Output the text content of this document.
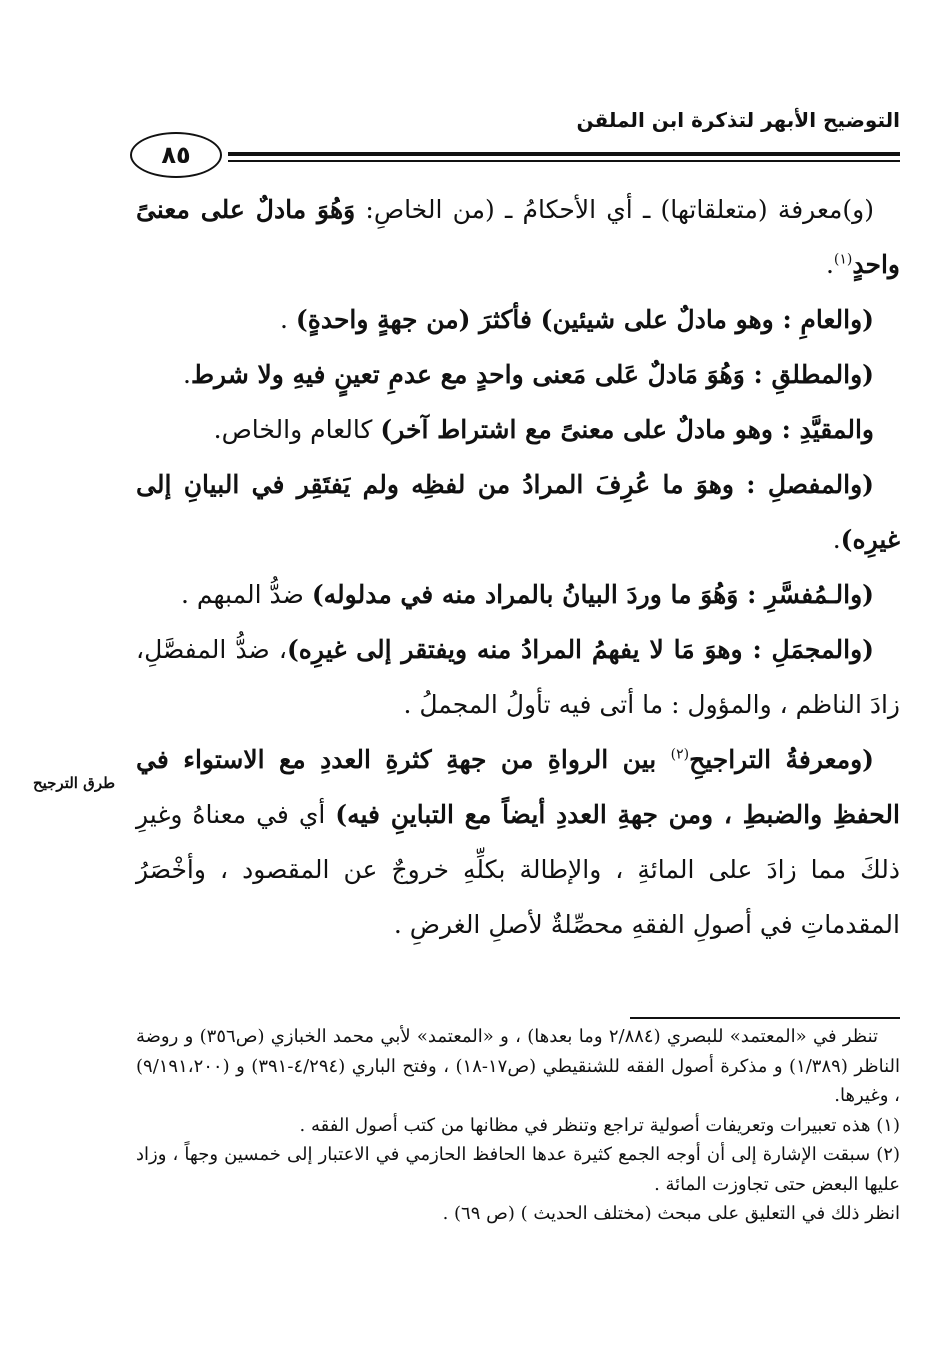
التوضيح الأبهر لتذكرة ابن الملقن
٨٥
طرق الترجيح

(و)معرفة (متعلقاتها) ـ أي الأحكامُ ـ (من الخاصِ: وَهُوَ مادلٌ على معنىً واحدٍ$^{(١)}$.

(والعامِ : وهو مادلٌ على شيئين) فأكثرَ (من جهةٍ واحدةٍ) .

(والمطلقِ : وَهُوَ مَادلٌ عَلى مَعنى واحدٍ مع عدمِ تعينٍ فيهِ ولا شرط.

والمقيَّدِ : وهو مادلٌ على معنىً مع اشتراط آخر) كالعام والخاص.

(والمفصلِ : وهوَ ما عُرِفَ المرادُ من لفظِه ولم يَفتَقِر في البيانِ إلى غيرِه).

(والـمُفسَّرِ : وَهُوَ ما وردَ البيانُ بالمراد منه في مدلوله) ضدُّ المبهم .

(والمجمَلِ : وهوَ مَا لا يفهمُ المرادُ منه ويفتقر إلى غيرِه)، ضدُّ المفصَّلِ، زادَ الناظم ، والمؤول : ما أتى فيه تأولُ المجملُ .

(ومعرفةُ التراجيحِ$^{(٢)}$ بين الرواةِ من جهةِ كثرةِ العددِ مع الاستواء في الحفظِ والضبطِ ، ومن جهةِ العددِ أيضاً مع التباينِ فيه) أي في معناهُ وغيرِ ذلكَ مما زادَ على المائةِ ، والإطالة بكلِّهِ خروجٌ عن المقصود ، وأخْصَرُ المقدماتِ في أصولِ الفقهِ محصِّلةٌ لأصلِ الغرضِ .

تنظر في «المعتمد» للبصري (٢/٨٨٤ وما بعدها) ، و «المعتمد» لأبي محمد الخبازي (ص٣٥٦) و روضة الناظر (١/٣٨٩) و مذكرة أصول الفقه للشنقيطي (ص١٧-١٨) ، وفتح الباري (٤/٢٩٤-٣٩١) و (٩/١٩١،٢٠٠) ، وغيرها.

(١) هذه تعبيرات وتعريفات أصولية تراجع وتنظر في مظانها من كتب أصول الفقه .

(٢) سبقت الإشارة إلى أن أوجه الجمع كثيرة عدها الحافظ الحازمي في الاعتبار إلى خمسين وجهاً ، وزاد عليها البعض حتى تجاوزت المائة .

انظر ذلك في التعليق على مبحث (مختلف الحديث ) (ص ٦٩) .
